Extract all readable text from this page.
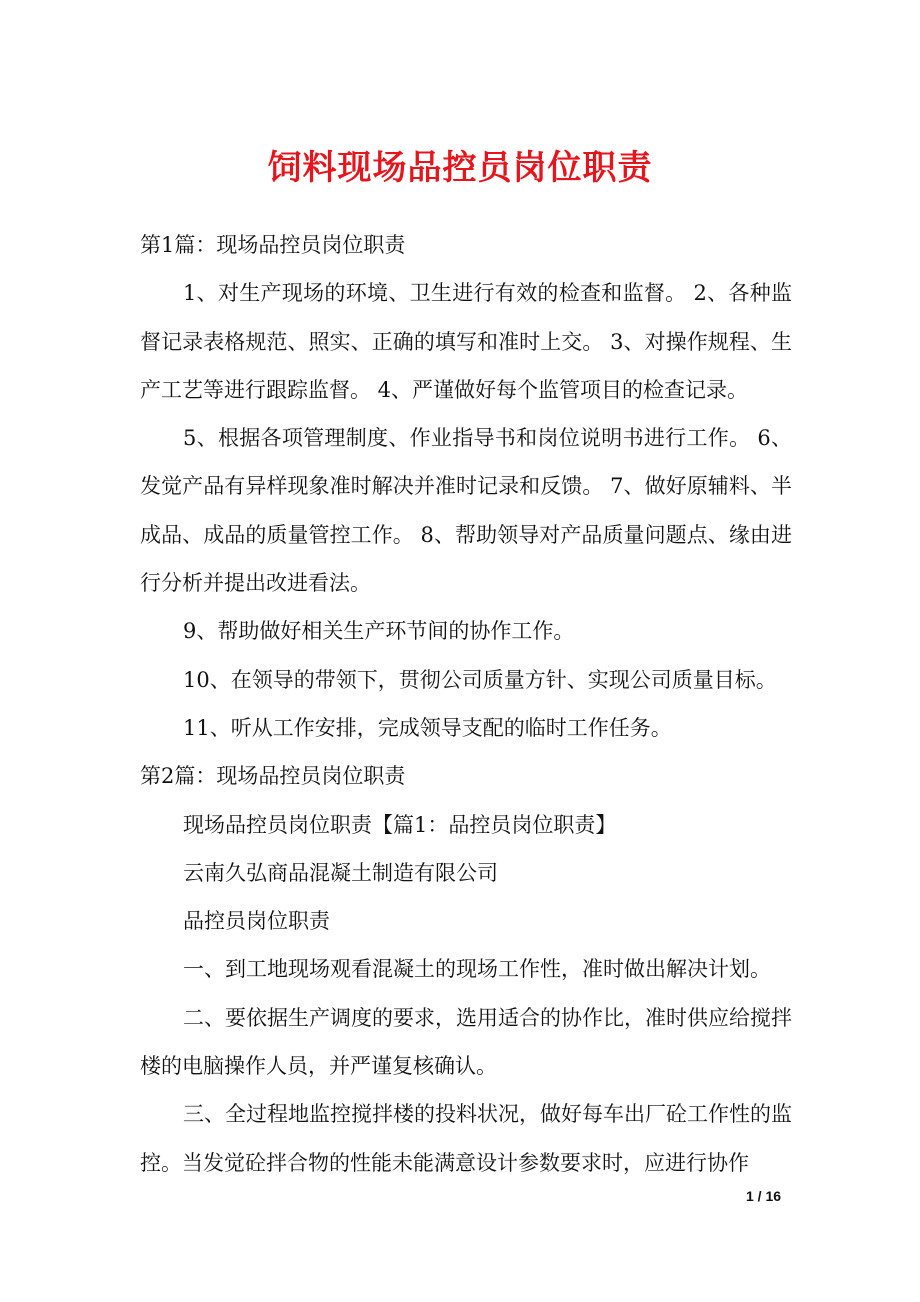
饲料现场品控员岗位职责

第1篇：现场品控员岗位职责

1、对生产现场的环境、卫生进行有效的检查和监督。 2、各种监督记录表格规范、照实、正确的填写和准时上交。 3、对操作规程、生产工艺等进行跟踪监督。 4、严谨做好每个监管项目的检查记录。

5、根据各项管理制度、作业指导书和岗位说明书进行工作。 6、发觉产品有异样现象准时解决并准时记录和反馈。 7、做好原辅料、半成品、成品的质量管控工作。 8、帮助领导对产品质量问题点、缘由进行分析并提出改进看法。

9、帮助做好相关生产环节间的协作工作。

10、在领导的带领下，贯彻公司质量方针、实现公司质量目标。

11、听从工作安排，完成领导支配的临时工作任务。

第2篇：现场品控员岗位职责

现场品控员岗位职责【篇1：品控员岗位职责】

云南久弘商品混凝土制造有限公司

品控员岗位职责

一、到工地现场观看混凝土的现场工作性，准时做出解决计划。

二、要依据生产调度的要求，选用适合的协作比，准时供应给搅拌楼的电脑操作人员，并严谨复核确认。

三、全过程地监控搅拌楼的投料状况，做好每车出厂砼工作性的监控。当发觉砼拌合物的性能未能满意设计参数要求时，应进行协作

1 / 16
